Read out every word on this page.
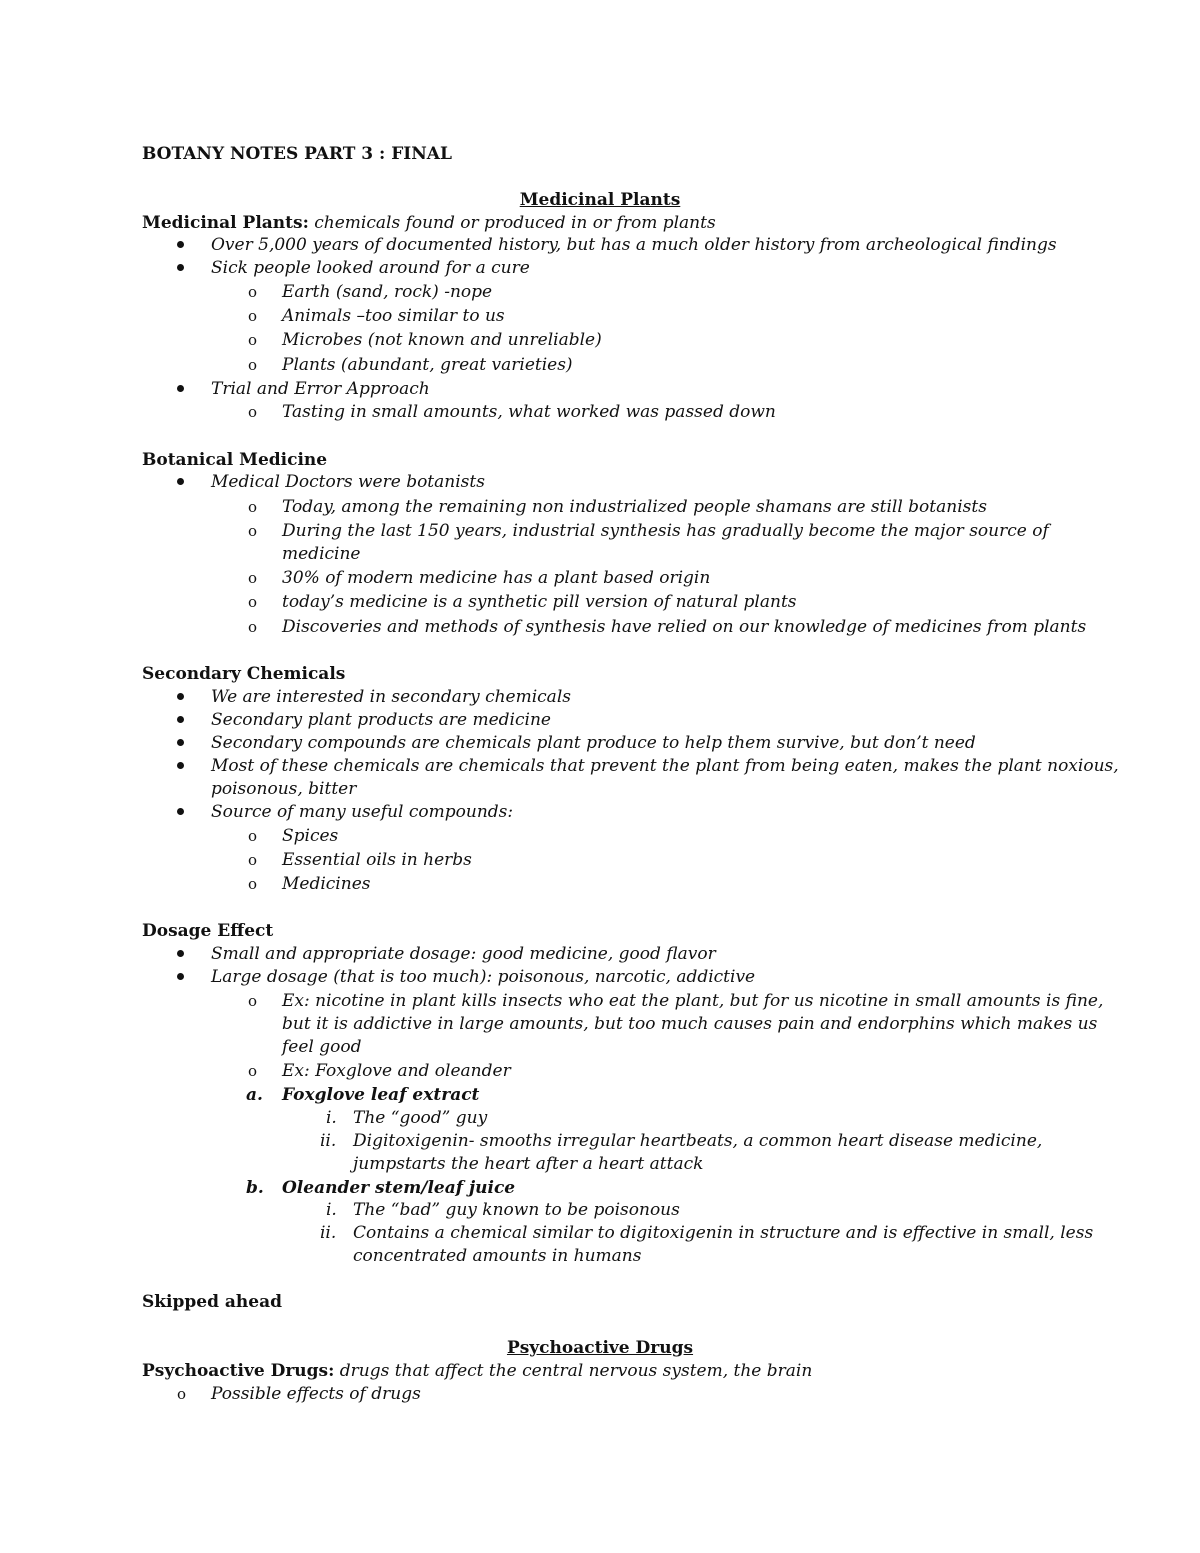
BOTANY NOTES PART 3 : FINAL
Medicinal Plants
Medicinal Plants: chemicals found or produced in or from plants
Over 5,000 years of documented history, but has a much older history from archeological findings
Sick people looked around for a cure
o Earth (sand, rock) -nope
o Animals –too similar to us
o Microbes (not known and unreliable)
o Plants (abundant, great varieties)
Trial and Error Approach
o Tasting in small amounts, what worked was passed down
Botanical Medicine
Medical Doctors were botanists
o Today, among the remaining non industrialized people shamans are still botanists
o During the last 150 years, industrial synthesis has gradually become the major source of
medicine
o 30% of modern medicine has a plant based origin
o today’s medicine is a synthetic pill version of natural plants
o Discoveries and methods of synthesis have relied on our knowledge of medicines from plants
Secondary Chemicals
We are interested in secondary chemicals
Secondary plant products are medicine
Secondary compounds are chemicals plant produce to help them survive, but don’t need
Most of these chemicals are chemicals that prevent the plant from being eaten, makes the plant noxious,
poisonous, bitter
Source of many useful compounds:
o Spices
o Essential oils in herbs
o Medicines
Dosage Effect
Small and appropriate dosage: good medicine, good flavor
Large dosage (that is too much): poisonous, narcotic, addictive
o Ex: nicotine in plant kills insects who eat the plant, but for us nicotine in small amounts is fine,
but it is addictive in large amounts, but too much causes pain and endorphins which makes us
feel good
o Ex: Foxglove and oleander
a. Foxglove leaf extract
i. The “good” guy
ii. Digitoxigenin- smooths irregular heartbeats, a common heart disease medicine,
jumpstarts the heart after a heart attack
b. Oleander stem/leaf juice
i. The “bad” guy known to be poisonous
ii. Contains a chemical similar to digitoxigenin in structure and is effective in small, less
concentrated amounts in humans
Skipped ahead
Psychoactive Drugs
Psychoactive Drugs: drugs that affect the central nervous system, the brain
o Possible effects of drugs
